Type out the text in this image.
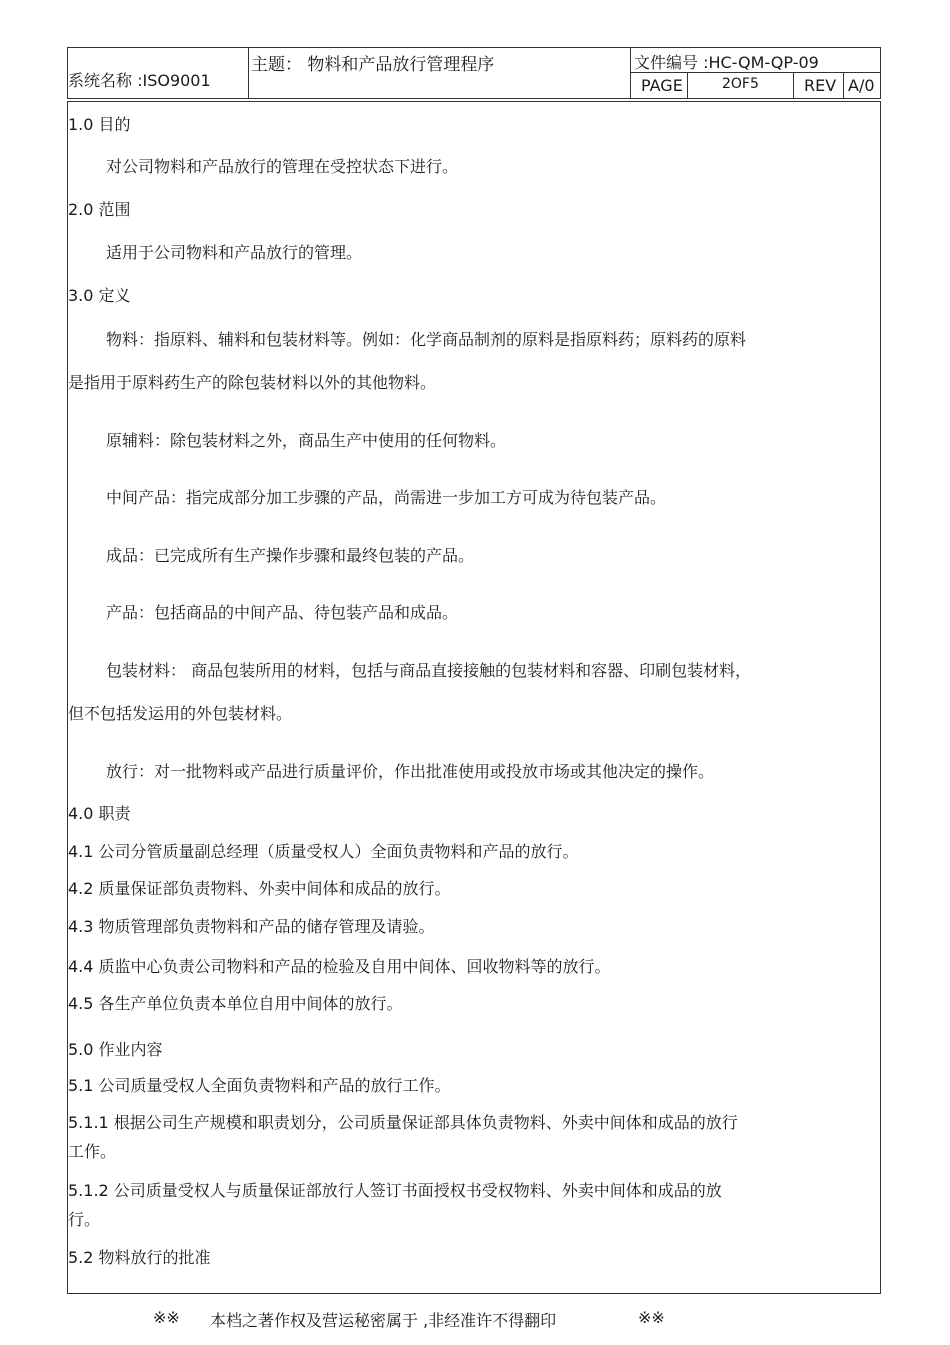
系统名称 :ISO9001
主题： 物料和产品放行管理程序	文件编号 :HC-QM-QP-09
PAGE	2OF5	REV A/0
1.0 目的
对公司物料和产品放行的管理在受控状态下进行。
2.0 范围
适用于公司物料和产品放行的管理。
3.0 定义
物料：指原料、辅料和包装材料等。例如：化学商品制剂的原料是指原料药；原料药的原料
是指用于原料药生产的除包装材料以外的其他物料。
原辅料：除包装材料之外，商品生产中使用的任何物料。
中间产品：指完成部分加工步骤的产品，尚需进一步加工方可成为待包装产品。
成品：已完成所有生产操作步骤和最终包装的产品。
产品：包括商品的中间产品、待包装产品和成品。
包装材料： 商品包装所用的材料，包括与商品直接接触的包装材料和容器、印刷包装材料，
但不包括发运用的外包装材料。
放行：对一批物料或产品进行质量评价，作出批准使用或投放市场或其他决定的操作。
4.0 职责
4.1 公司分管质量副总经理（质量受权人）全面负责物料和产品的放行。
4.2 质量保证部负责物料、外卖中间体和成品的放行。
4.3 物质管理部负责物料和产品的储存管理及请验。
4.4 质监中心负责公司物料和产品的检验及自用中间体、回收物料等的放行。
4.5 各生产单位负责本单位自用中间体的放行。
5.0 作业内容
5.1 公司质量受权人全面负责物料和产品的放行工作。
5.1.1 根据公司生产规模和职责划分，公司质量保证部具体负责物料、外卖中间体和成品的放行
工作。
5.1.2 公司质量受权人与质量保证部放行人签订书面授权书受权物料、外卖中间体和成品的放
行。
5.2 物料放行的批准
※※ 本档之著作权及营运秘密属于 ,非经准许不得翻印	※※
